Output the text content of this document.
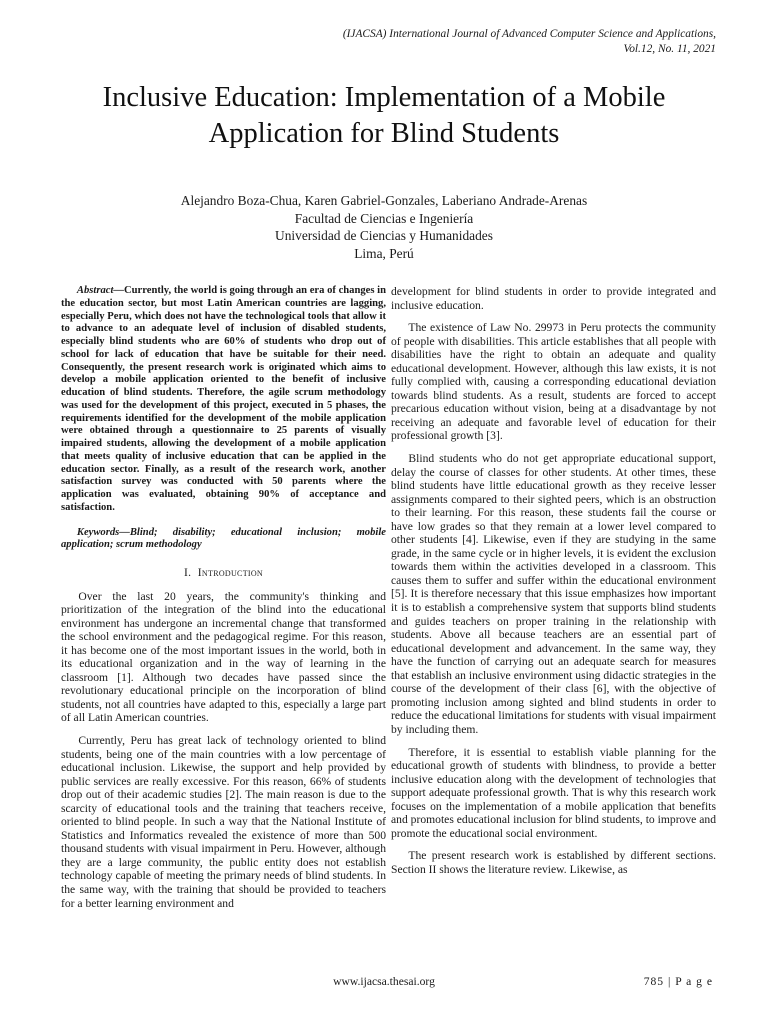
(IJACSA) International Journal of Advanced Computer Science and Applications,
Vol.12, No. 11, 2021
Inclusive Education: Implementation of a Mobile
Application for Blind Students
Alejandro Boza-Chua, Karen Gabriel-Gonzales, Laberiano Andrade-Arenas
Facultad de Ciencias e Ingeniería
Universidad de Ciencias y Humanidades
Lima, Perú

Abstract—Currently, the world is going through an era of changes in the education sector, but most Latin American countries are lagging, especially Peru, which does not have the technological tools that allow it to advance to an adequate level of inclusion of disabled students, especially blind students who are 60% of students who drop out of school for lack of education that have be suitable for their need. Consequently, the present research work is originated which aims to develop a mobile application oriented to the benefit of inclusive education of blind students. Therefore, the agile scrum methodology was used for the development of this project, executed in 5 phases, the requirements identified for the development of the mobile application were obtained through a questionnaire to 25 parents of visually impaired students, allowing the development of a mobile application that meets quality of inclusive education that can be applied in the education sector. Finally, as a result of the research work, another satisfaction survey was conducted with 50 parents where the application was evaluated, obtaining 90% of acceptance and satisfaction.

Keywords—Blind; disability; educational inclusion; mobile application; scrum methodology

I. Introduction

Over the last 20 years, the community's thinking and prioritization of the integration of the blind into the educational environment has undergone an incremental change that transformed the school environment and the pedagogical regime. For this reason, it has become one of the most important issues in the world, both in its educational organization and in the way of learning in the classroom [1]. Although two decades have passed since the revolutionary educational principle on the incorporation of blind students, not all countries have adapted to this, especially a large part of all Latin American countries.

Currently, Peru has great lack of technology oriented to blind students, being one of the main countries with a low percentage of educational inclusion. Likewise, the support and help provided by public services are really excessive. For this reason, 66% of students drop out of their academic studies [2]. The main reason is due to the scarcity of educational tools and the training that teachers receive, oriented to blind people. In such a way that the National Institute of Statistics and Informatics revealed the existence of more than 500 thousand students with visual impairment in Peru. However, although they are a large community, the public entity does not establish technology capable of meeting the primary needs of blind students. In the same way, with the training that should be provided to teachers for a better learning environment and

development for blind students in order to provide integrated and inclusive education.

The existence of Law No. 29973 in Peru protects the community of people with disabilities. This article establishes that all people with disabilities have the right to obtain an adequate and quality educational development. However, although this law exists, it is not fully complied with, causing a corresponding educational deviation towards blind students. As a result, students are forced to accept precarious education without vision, being at a disadvantage by not receiving an adequate and favorable level of education for their professional growth [3].

Blind students who do not get appropriate educational support, delay the course of classes for other students. At other times, these blind students have little educational growth as they receive lesser assignments compared to their sighted peers, which is an obstruction to their learning. For this reason, these students fail the course or have low grades so that they remain at a lower level compared to other students [4]. Likewise, even if they are studying in the same grade, in the same cycle or in higher levels, it is evident the exclusion towards them within the activities developed in a classroom. This causes them to suffer and suffer within the educational environment [5]. It is therefore necessary that this issue emphasizes how important it is to establish a comprehensive system that supports blind students and guides teachers on proper training in the relationship with students. Above all because teachers are an essential part of educational development and advancement. In the same way, they have the function of carrying out an adequate search for measures that establish an inclusive environment using didactic strategies in the course of the development of their class [6], with the objective of promoting inclusion among sighted and blind students in order to reduce the educational limitations for students with visual impairment by including them.

Therefore, it is essential to establish viable planning for the educational growth of students with blindness, to provide a better inclusive education along with the development of technologies that support adequate professional growth. That is why this research work focuses on the implementation of a mobile application that benefits and promotes educational inclusion for blind students, to improve and promote the educational social environment.

The present research work is established by different sections. Section II shows the literature review. Likewise, as

www.ijacsa.thesai.org	785 | P a g e
